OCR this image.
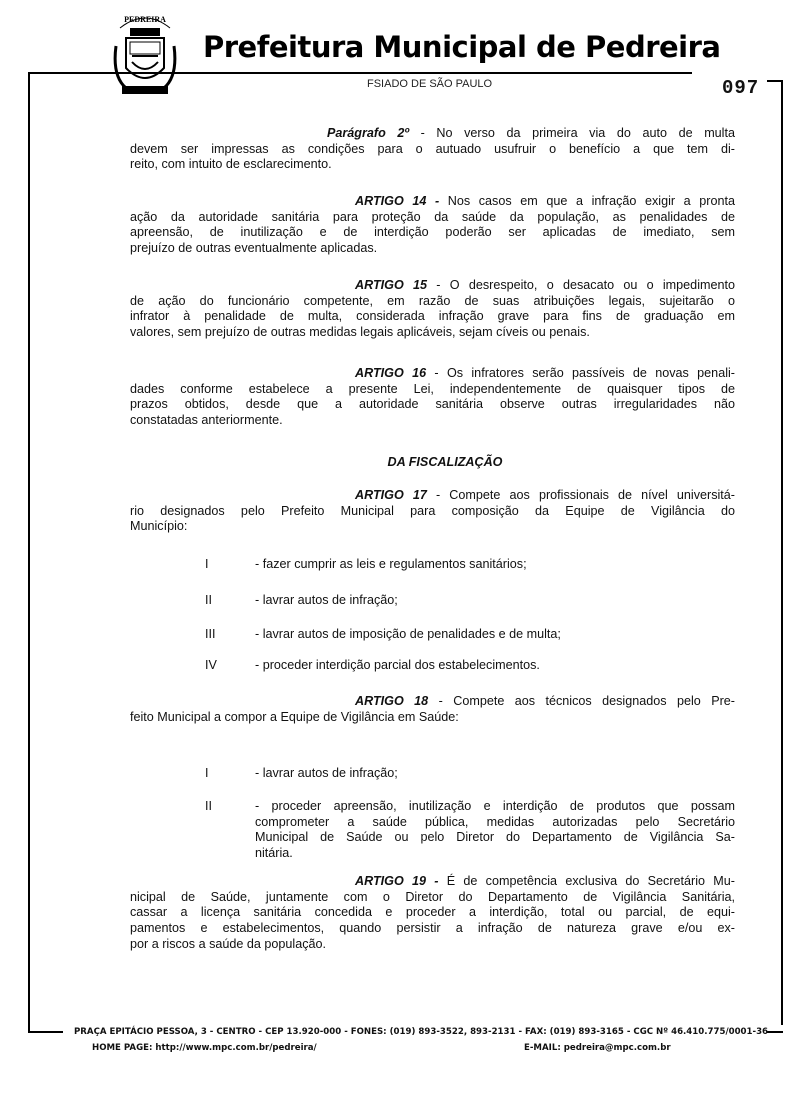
PEDREIRA
Prefeitura Municipal de Pedreira
FSIADO DE SÃO PAULO	097
Parágrafo 2º - No verso da primeira via do auto de multa
devem ser impressas as condições para o autuado usufruir o benefício a que tem di-
reito, com intuito de esclarecimento.
ARTIGO 14 - Nos casos em que a infração exigir a pronta
ação da autoridade sanitária para proteção da saúde da população, as penalidades de
apreensão, de inutilização e de interdição poderão ser aplicadas de imediato, sem
prejuízo de outras eventualmente aplicadas.
ARTIGO 15 - O desrespeito, o desacato ou o impedimento
de ação do funcionário competente, em razão de suas atribuições legais, sujeitarão o
infrator à penalidade de multa, considerada infração grave para fins de graduação em
valores, sem prejuízo de outras medidas legais aplicáveis, sejam cíveis ou penais.
ARTIGO 16 - Os infratores serão passíveis de novas penali-
dades conforme estabelece a presente Lei, independentemente de quaisquer tipos de
prazos obtidos, desde que a autoridade sanitária observe outras irregularidades não
constatadas anteriormente.
ARTIGO 17 - Compete aos profissionais de nível universitá-
rio designados pelo Prefeito Municipal para composição da Equipe de Vigilância do
Município:
ARTIGO 18 - Compete aos técnicos designados pelo Pre-
feito Municipal a compor a Equipe de Vigilância em Saúde:
ARTIGO 19 - É de competência exclusiva do Secretário Mu-
nicipal de Saúde, juntamente com o Diretor do Departamento de Vigilância Sanitária,
cassar a licença sanitária concedida e proceder a interdição, total ou parcial, de equi-
pamentos e estabelecimentos, quando persistir a infração de natureza grave e/ou ex-
por a riscos a saúde da população.
I	- fazer cumprir as leis e regulamentos sanitários;
II	- lavrar autos de infração;
III	- lavrar autos de imposição de penalidades e de multa;
IV	- proceder interdição parcial dos estabelecimentos.
I	- lavrar autos de infração;
II	- proceder apreensão, inutilização e interdição de produtos que possam
comprometer a saúde pública, medidas autorizadas pelo Secretário
Municipal de Saúde ou pelo Diretor do Departamento de Vigilância Sa-
nitária.
DA FISCALIZAÇÃO
PRAÇA EPITÁCIO PESSOA, 3 - CENTRO - CEP 13.920-000 - FONES: (019) 893-3522, 893-2131 - FAX: (019) 893-3165 - CGC Nº 46.410.775/0001-36
HOME PAGE: http://www.mpc.com.br/pedreira/	E-MAIL: pedreira@mpc.com.br
